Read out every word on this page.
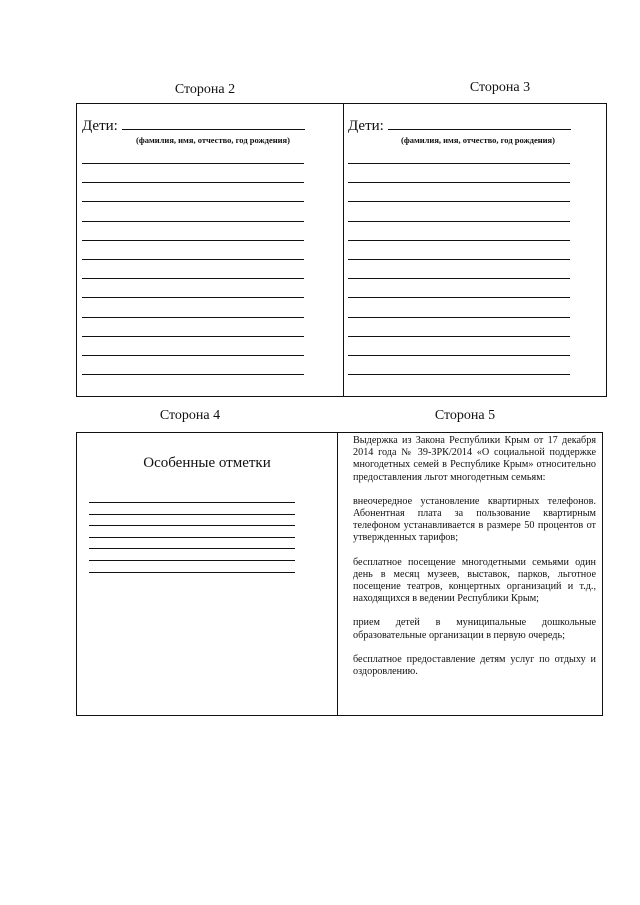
Сторона 2	Сторона 3
Сторона 4	Сторона 5
Дети:
(фамилия, имя, отчество, год рождения)
Дети:
(фамилия, имя, отчество, год рождения)
Особенные отметки

Выдержка из Закона Республики Крым от 17 декабря 2014 года № 39-ЗРК/2014 «О социальной поддержке многодетных семей в Республике Крым» относительно предоставления льгот многодетным семьям:

внеочередное установление квартирных телефонов. Абонентная плата за пользование квартирным телефоном устанавливается в размере 50 процентов от утвержденных тарифов;

бесплатное посещение многодетными семьями один день в месяц музеев, выставок, парков, льготное посещение театров, концертных организаций и т.д., находящихся в ведении Республики Крым;

прием детей в муниципальные дошкольные образовательные организации в первую очередь;

бесплатное предоставление детям услуг по отдыху и оздоровлению.
